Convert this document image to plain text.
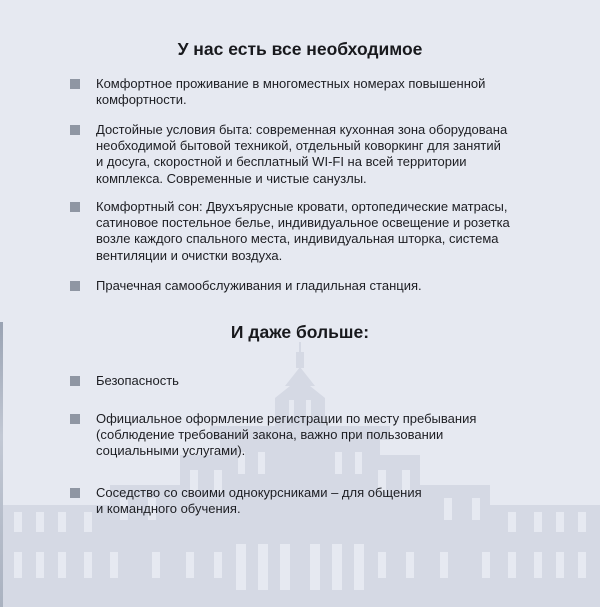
У нас есть все необходимое
Комфортное проживание в многоместных номерах повышенной
комфортности.
Достойные условия быта: современная кухонная зона оборудована
необходимой бытовой техникой, отдельный коворкинг для занятий
и досуга, скоростной и бесплатный WI-FI на всей территории
комплекса. Современные и чистые санузлы.
Комфортный сон: Двухъярусные кровати, ортопедические матрасы,
сатиновое постельное белье, индивидуальное освещение и розетка
возле каждого спального места, индивидуальная шторка, система
вентиляции и очистки воздуха.
Прачечная самообслуживания и гладильная станция.
И даже больше:
Безопасность
Официальное оформление регистрации по месту пребывания
(соблюдение требований закона, важно при пользовании
социальными услугами).
Соседство со своими однокурсниками – для общения
и командного обучения.
